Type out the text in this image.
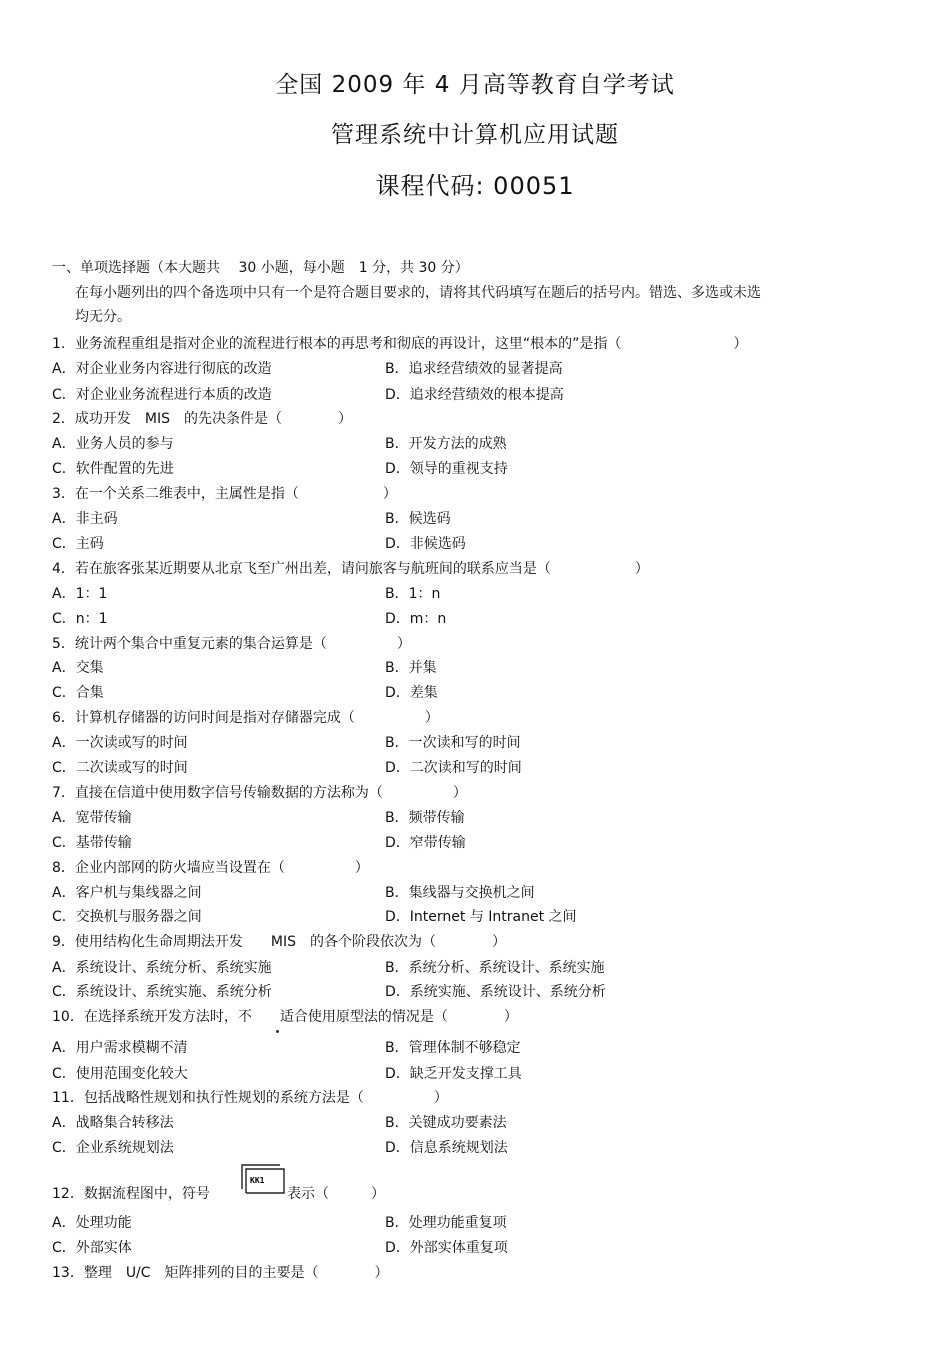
全国 2009 年 4 月高等教育自学考试
管理系统中计算机应用试题
课程代码: 00051
一、单项选择题（本大题共　 30 小题，每小题　1 分，共 30 分）
在每小题列出的四个备选项中只有一个是符合题目要求的，请将其代码填写在题后的括号内。错选、多选或未选
均无分。
1．业务流程重组是指对企业的流程进行根本的再思考和彻底的再设计，这里“根本的”是指（　　　　　　　　）
A．对企业业务内容进行彻底的改造	B．追求经营绩效的显著提高
C．对企业业务流程进行本质的改造	D．追求经营绩效的根本提高
2．成功开发　MIS　的先决条件是（　　　　）
A．业务人员的参与	B．开发方法的成熟
C．软件配置的先进	D．领导的重视支持
3．在一个关系二维表中，主属性是指（　　　　　　）
A．非主码	B．候选码
C．主码	D．非候选码
4．若在旅客张某近期要从北京飞至广州出差，请问旅客与航班间的联系应当是（　　　　　　）
A．1：1	B．1：n
C．n：1	D．m：n
5．统计两个集合中重复元素的集合运算是（　　　　　）
A．交集	B．并集
C．合集	D．差集
6．计算机存储器的访问时间是指对存储器完成（　　　　　）
A．一次读或写的时间	B．一次读和写的时间
C．二次读或写的时间	D．二次读和写的时间
7．直接在信道中使用数字信号传输数据的方法称为（　　　　　）
A．宽带传输	B．频带传输
C．基带传输	D．窄带传输
8．企业内部网的防火墙应当设置在（　　　　　）
A．客户机与集线器之间	B．集线器与交换机之间
C．交换机与服务器之间	D．Internet 与 Intranet 之间
9．使用结构化生命周期法开发　　MIS　的各个阶段依次为（　　　　）
A．系统设计、系统分析、系统实施	B．系统分析、系统设计、系统实施
C．系统设计、系统实施、系统分析	D．系统实施、系统设计、系统分析
10．在选择系统开发方法时，不　　适合使用原型法的情况是（　　　　）
A．用户需求模糊不清	B．管理体制不够稳定
C．使用范围变化较大	D．缺乏开发支撑工具
11．包括战略性规划和执行性规划的系统方法是（　　　　　）
A．战略集合转移法	B．关键成功要素法
C．企业系统规划法	D．信息系统规划法
12．数据流程图中，符号
KK1
表示（　　　）
A．处理功能	B．处理功能重复项
C．外部实体	D．外部实体重复项
13．整理　U/C　矩阵排列的目的主要是（　　　　）
